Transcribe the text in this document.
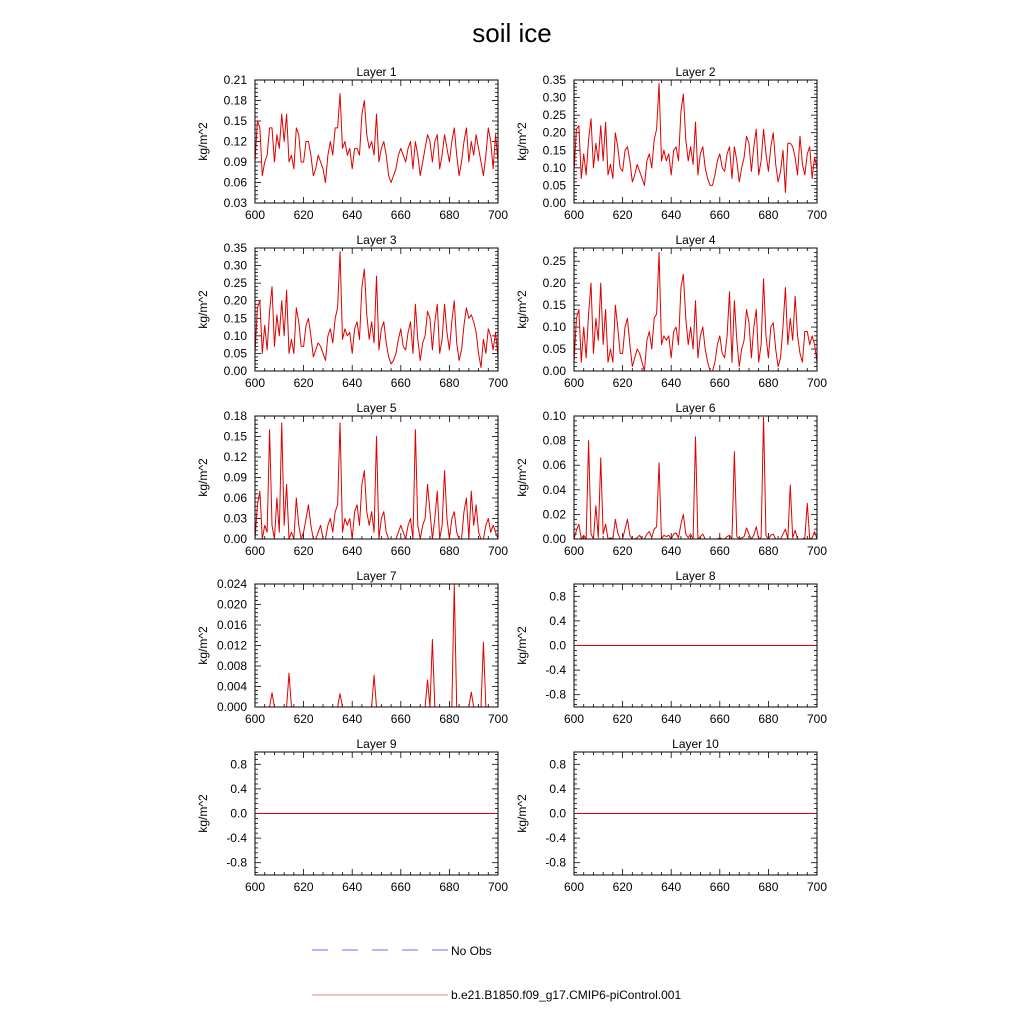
soil ice
Layer 1
kg/m^2
600 620 640 660 680 700
0.03
0.06
0.09
0.12
0.15
0.18
0.21
Layer 2
kg/m^2
600 620 640 660 680 700
0.00
0.05
0.10
0.15
0.20
0.25
0.30
0.35
Layer 3
kg/m^2
600 620 640 660 680 700
0.00
0.05
0.10
0.15
0.20
0.25
0.30
0.35
Layer 4
kg/m^2
600 620 640 660 680 700
0.00
0.05
0.10
0.15
0.20
0.25
Layer 5
kg/m^2
600 620 640 660 680 700
0.00
0.03
0.06
0.09
0.12
0.15
0.18
Layer 6
kg/m^2
600 620 640 660 680 700
0.00
0.02
0.04
0.06
0.08
0.10
Layer 7
kg/m^2
600 620 640 660 680 700
0.000
0.004
0.008
0.012
0.016
0.020
0.024
Layer 8
kg/m^2
600 620 640 660 680 700
-0.8
-0.4
0.0
0.4
0.8
Layer 9
kg/m^2
600 620 640 660 680 700
-0.8
-0.4
0.0
0.4
0.8
Layer 10
kg/m^2
600 620 640 660 680 700
-0.8
-0.4
0.0
0.4
0.8
No Obs
b.e21.B1850.f09_g17.CMIP6-piControl.001
